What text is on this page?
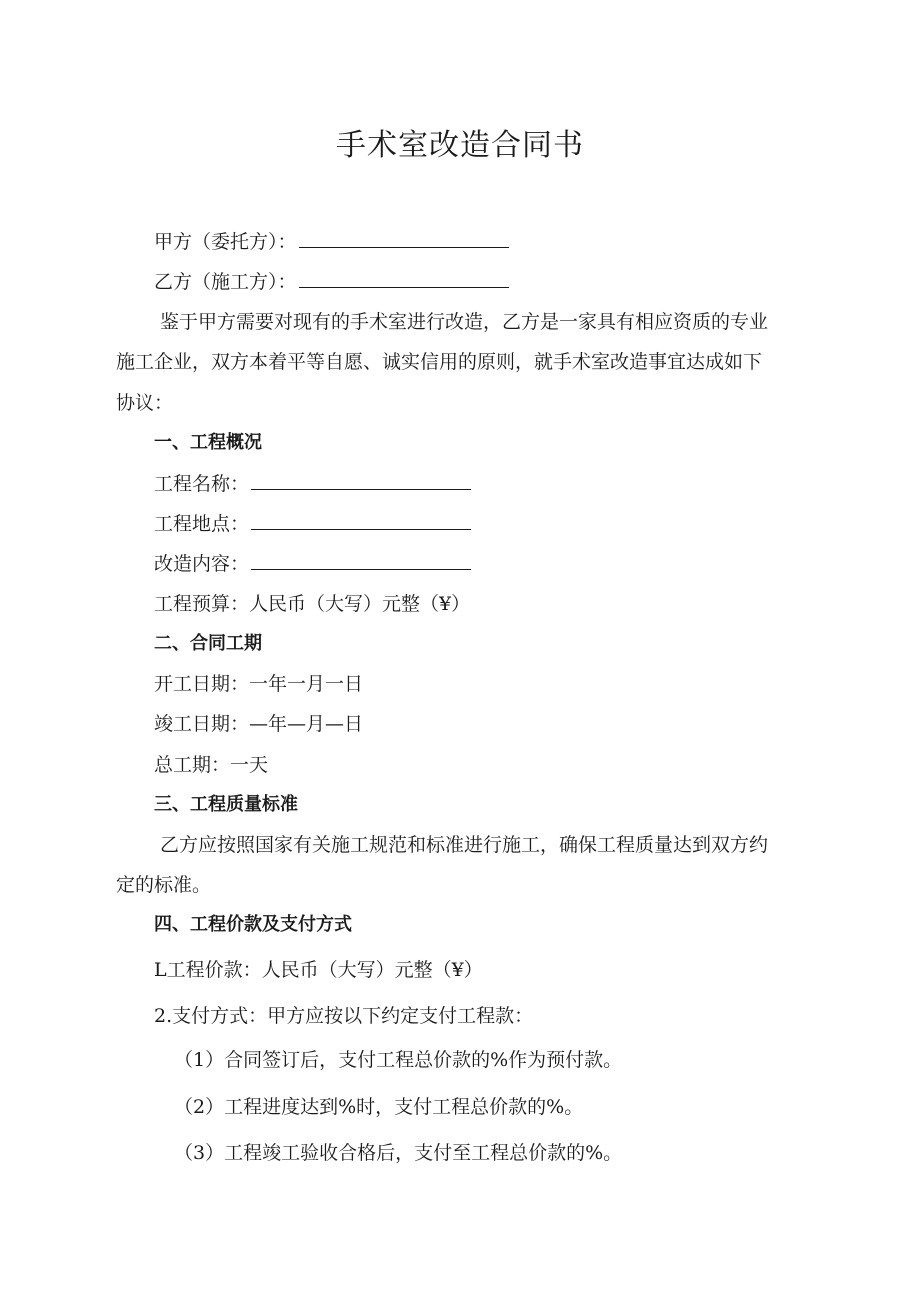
手术室改造合同书
甲方（委托方）：
乙方（施工方）：
鉴于甲方需要对现有的手术室进行改造，乙方是一家具有相应资质的专业
施工企业，双方本着平等自愿、诚实信用的原则，就手术室改造事宜达成如下
协议：
一、工程概况
工程名称：
工程地点：
改造内容：
工程预算：人民币（大写）元整（¥）
二、合同工期
开工日期：一年一月一日
竣工日期：—年—月—日
总工期：一天
三、工程质量标准
乙方应按照国家有关施工规范和标准进行施工，确保工程质量达到双方约
定的标准。
四、工程价款及支付方式
L工程价款：人民币（大写）元整（¥）
2.支付方式：甲方应按以下约定支付工程款：
（1）合同签订后，支付工程总价款的%作为预付款。
（2）工程进度达到%时，支付工程总价款的%。
（3）工程竣工验收合格后，支付至工程总价款的%。
